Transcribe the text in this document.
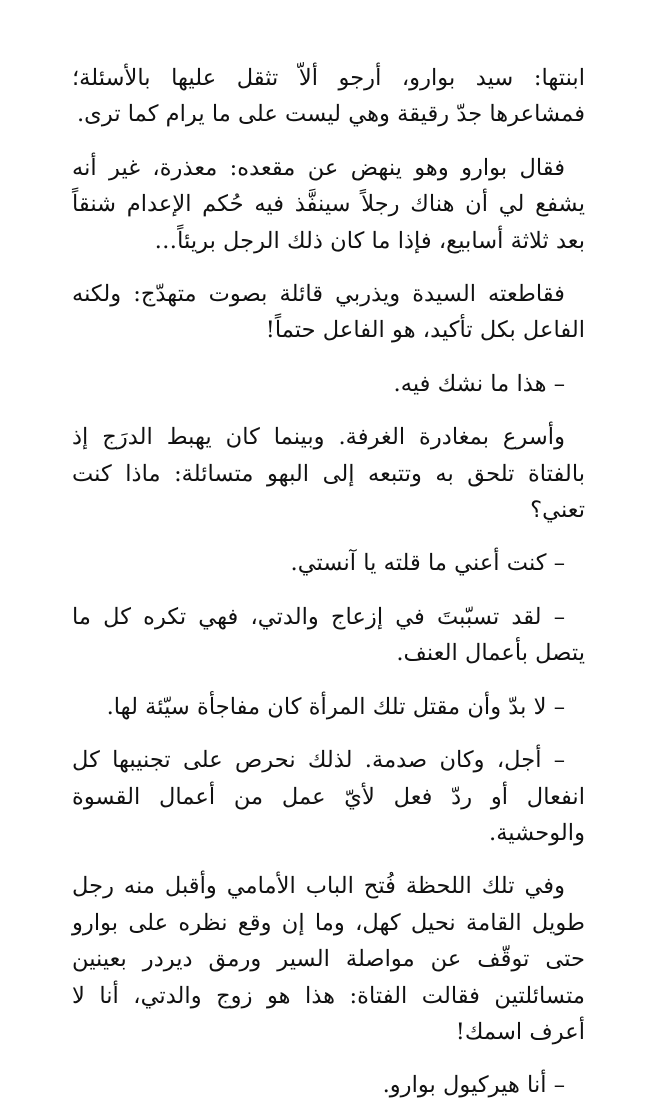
ابنتها: سيد بوارو، أرجو ألاّ تثقل عليها بالأسئلة؛ فمشاعرها جدّ رقيقة وهي ليست على ما يرام كما ترى.

فقال بوارو وهو ينهض عن مقعده: معذرة، غير أنه يشفع لي أن هناك رجلاً سينفَّذ فيه حُكم الإعدام شنقاً بعد ثلاثة أسابيع، فإذا ما كان ذلك الرجل بريئاً…

فقاطعته السيدة ويذربي قائلة بصوت متهدّج: ولكنه الفاعل بكل تأكيد، هو الفاعل حتماً!

– هذا ما نشك فيه.

وأسرع بمغادرة الغرفة. وبينما كان يهبط الدرَج إذ بالفتاة تلحق به وتتبعه إلى البهو متسائلة: ماذا كنت تعني؟

– كنت أعني ما قلته يا آنستي.

– لقد تسبّبتَ في إزعاج والدتي، فهي تكره كل ما يتصل بأعمال العنف.

– لا بدّ وأن مقتل تلك المرأة كان مفاجأة سيّئة لها.

– أجل، وكان صدمة. لذلك نحرص على تجنيبها كل انفعال أو ردّ فعل لأيّ عمل من أعمال القسوة والوحشية.

وفي تلك اللحظة فُتح الباب الأمامي وأقبل منه رجل طويل القامة نحيل كهل، وما إن وقع نظره على بوارو حتى توقّف عن مواصلة السير ورمق ديردر بعينين متسائلتين فقالت الفتاة: هذا هو زوج والدتي، أنا لا أعرف اسمك!

– أنا هيركيول بوارو.
